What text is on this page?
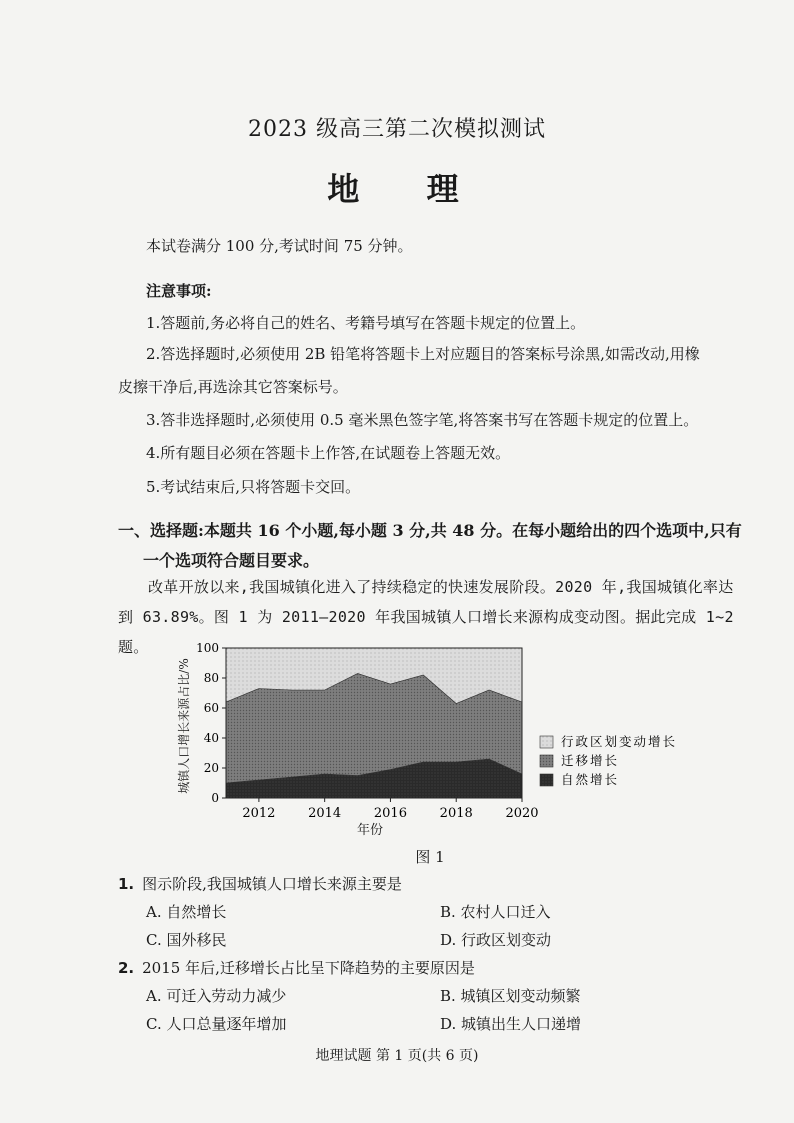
2023 级高三第二次模拟测试
地 理
本试卷满分 100 分,考试时间 75 分钟。
注意事项:
1.答题前,务必将自己的姓名、考籍号填写在答题卡规定的位置上。
2.答选择题时,必须使用 2B 铅笔将答题卡上对应题目的答案标号涂黑,如需改动,用橡
皮擦干净后,再选涂其它答案标号。
3.答非选择题时,必须使用 0.5 毫米黑色签字笔,将答案书写在答题卡规定的位置上。
4.所有题目必须在答题卡上作答,在试题卷上答题无效。
5.考试结束后,只将答题卡交回。
一、选择题:本题共 16 个小题,每小题 3 分,共 48 分。在每小题给出的四个选项中,只有
一个选项符合题目要求。
改革开放以来,我国城镇化进入了持续稳定的快速发展阶段。2020 年,我国城镇化率达
到 63.89%。图 1 为 2011—2020 年我国城镇人口增长来源构成变动图。据此完成 1~2 题。
城镇人口增长来源占比/%
0
20
40
60
80
100
2012	2014	2016	2018	2020
行政区划变动增长
迁移增长
自然增长
年份
图 1
1. 图示阶段,我国城镇人口增长来源主要是
A. 自然增长	B. 农村人口迁入
C. 国外移民	D. 行政区划变动
2. 2015 年后,迁移增长占比呈下降趋势的主要原因是
A. 可迁入劳动力减少	B. 城镇区划变动频繁
C. 人口总量逐年增加	D. 城镇出生人口递增
地理试题 第 1 页(共 6 页)
